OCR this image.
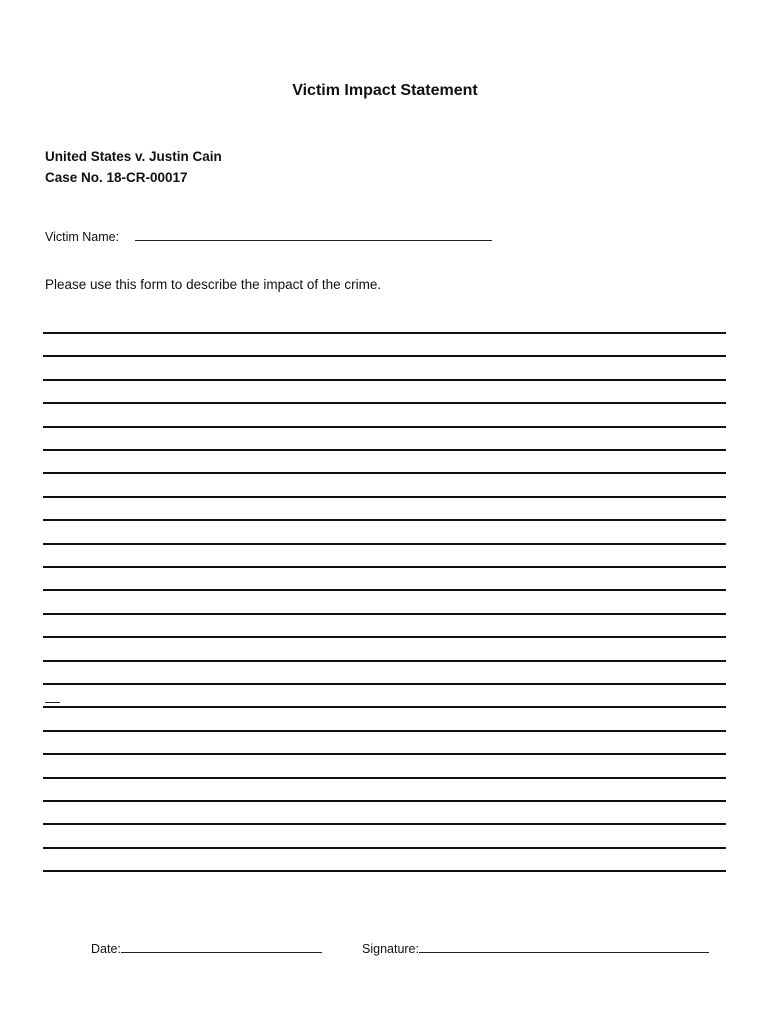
Victim Impact Statement
United States v. Justin Cain
Case No. 18-CR-00017
Victim Name:
Please use this form to describe the impact of the crime.
Date:	Signature:
